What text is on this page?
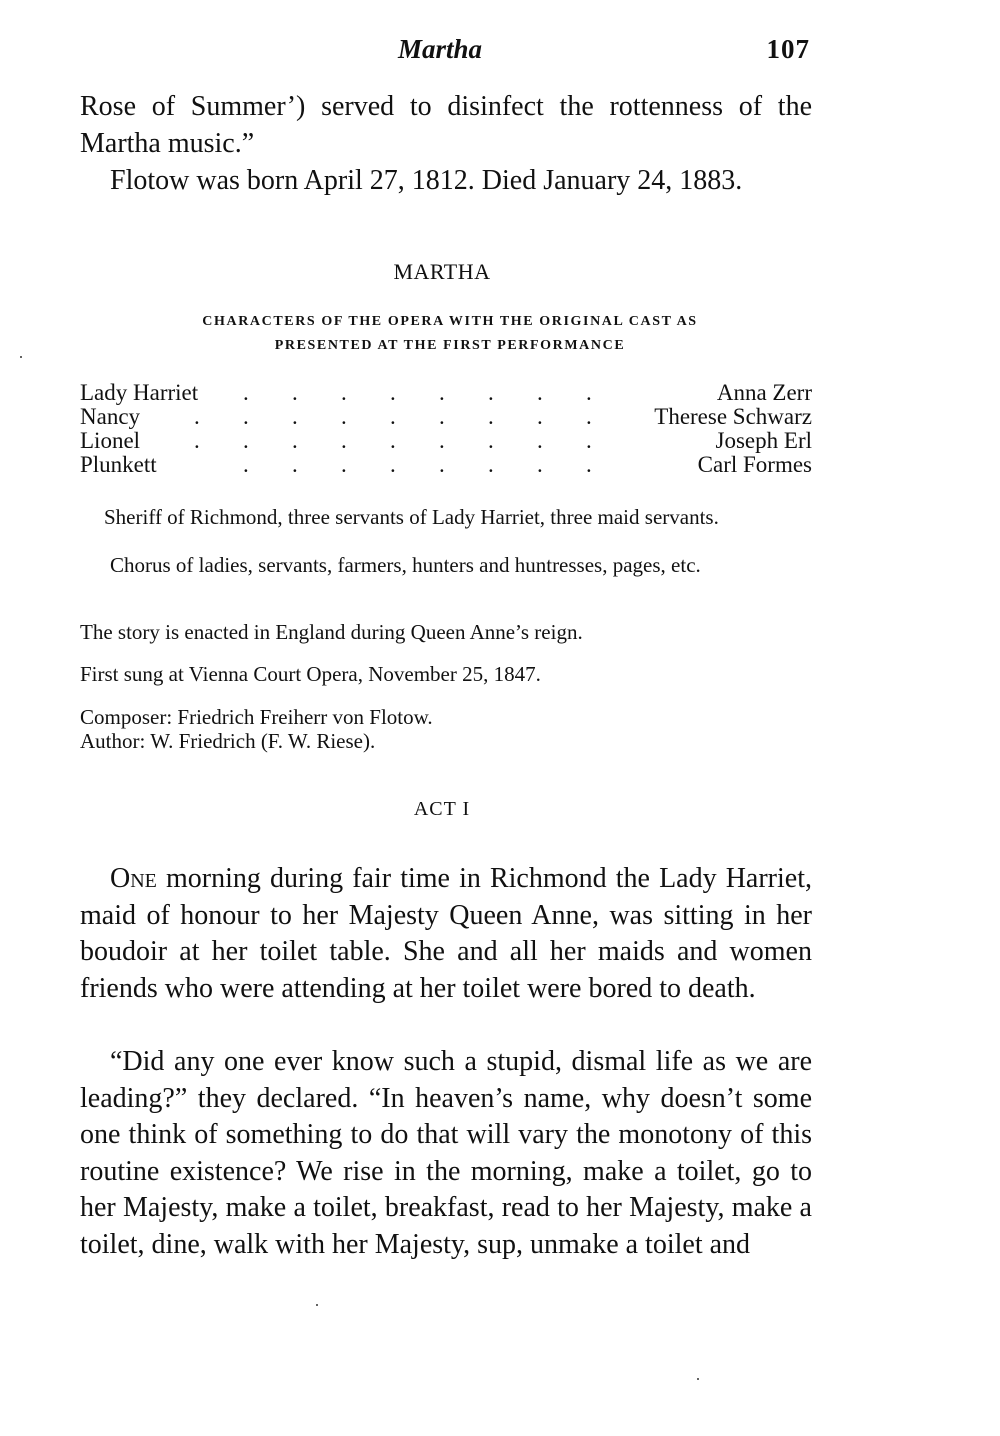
Martha	107
Rose of Summer’) served to disinfect the rottenness of the Martha music.”
Flotow was born April 27, 1812. Died January 24, 1883.
MARTHA
CHARACTERS OF THE OPERA WITH THE ORIGINAL CAST AS
PRESENTED AT THE FIRST PERFORMANCE
Lady Harriet .	.	.	.	.	.	.	.	Anna Zerr
Nancy .	.	.	.	.	.	.	.	.	Therese Schwarz
Lionel .	.	.	.	.	.	.	.	.	Joseph Erl
Plunkett	.	.	.	.	.	.	.	.	Carl Formes
Sheriff of Richmond, three servants of Lady Harriet, three maid servants.
Chorus of ladies, servants, farmers, hunters and huntresses, pages, etc.
The story is enacted in England during Queen Anne’s reign.
First sung at Vienna Court Opera, November 25, 1847.
Composer: Friedrich Freiherr von Flotow.
Author: W. Friedrich (F. W. Riese).
ACT I
One morning during fair time in Richmond the Lady Harriet, maid of honour to her Majesty Queen Anne, was sitting in her boudoir at her toilet table. She and all her maids and women friends who were attending at her toilet were bored to death.
“Did any one ever know such a stupid, dismal life as we are leading?” they declared. “In heaven’s name, why doesn’t some one think of something to do that will vary the monotony of this routine existence? We rise in the morning, make a toilet, go to her Majesty, make a toilet, breakfast, read to her Majesty, make a toilet, dine, walk with her Majesty, sup, unmake a toilet and
